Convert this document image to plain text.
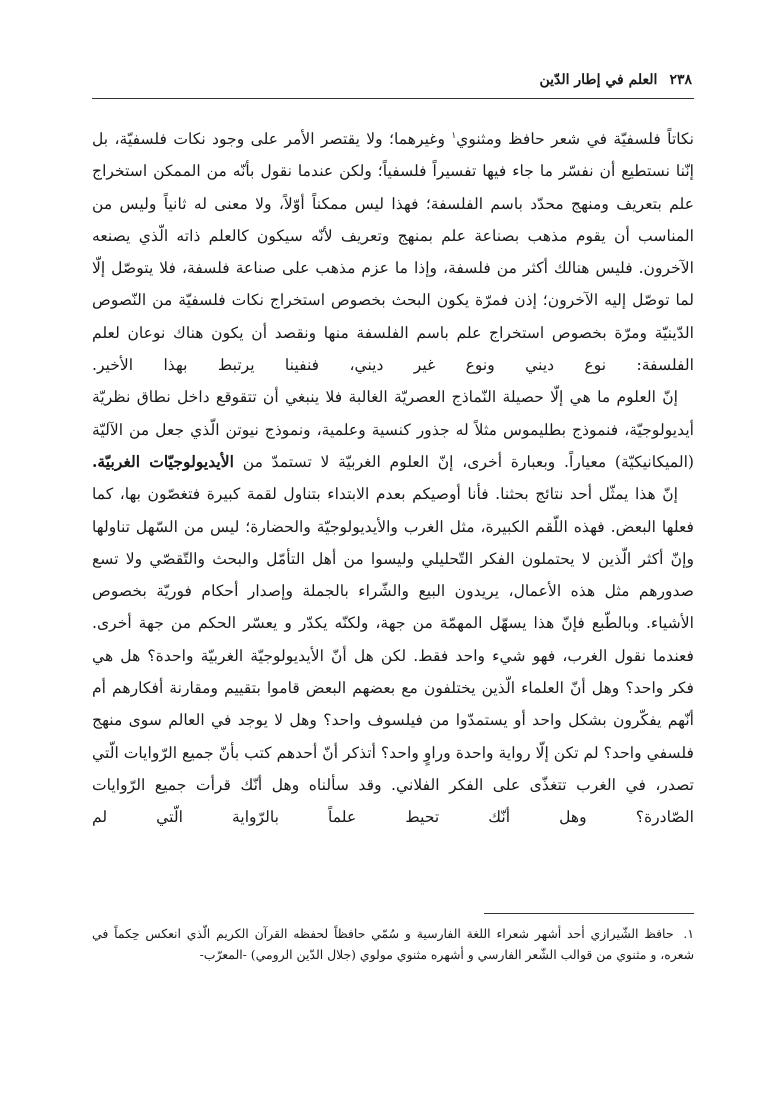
٢٣٨
العلم في إطار الدّين

نكاتاً فلسفيّة في شعر حافظ ومثنوي$^١$ وغيرهما؛ ولا يقتصر الأمر على وجود نكات فلسفيّة، بل إنّنا نستطيع أن نفسّر ما جاء فيها تفسيراً فلسفياً؛ ولكن عندما نقول بأنّه من الممكن استخراج علم بتعريف ومنهج محدّد باسم الفلسفة؛ فهذا ليس ممكناً أوّلاً، ولا معنى له ثانياً وليس من المناسب أن يقوم مذهب بصناعة علم بمنهج وتعريف لأنّه سيكون كالعلم ذاته الّذي يصنعه الآخرون. فليس هنالك أكثر من فلسفة، وإذا ما عزم مذهب على صناعة فلسفة، فلا يتوصّل إلّا لما توصّل إليه الآخرون؛ إذن فمرّة يكون البحث بخصوص استخراج نكات فلسفيّة من النّصوص الدّينيّة ومرّة بخصوص استخراج علم باسم الفلسفة منها ونقصد أن يكون هناك نوعان لعلم الفلسفة: نوع ديني ونوع غير ديني، فنفينا يرتبط بهذا الأخير.

إنّ العلوم ما هي إلّا حصيلة النّماذج العصريّة الغالبة فلا ينبغي أن تتقوقع داخل نطاق نظريّة أيديولوجيّة، فنموذج بطليموس مثلاً له جذور كنسية وعلمية، ونموذج نيوتن الّذي جعل من الآليّة (الميكانيكيّة) معياراً. وبعبارة أخرى، إنّ العلوم الغربيّة لا تستمدّ من الأيديولوجيّات الغربيّة.

إنّ هذا يمثّل أحد نتائج بحثنا. فأنا أوصيكم بعدم الابتداء بتناول لقمة كبيرة فتغصّون بها، كما فعلها البعض. فهذه اللّقم الكبيرة، مثل الغرب والأيديولوجيّة والحضارة؛ ليس من السّهل تناولها وإنّ أكثر الّذين لا يحتملون الفكر التّحليلي وليسوا من أهل التأمّل والبحث والتّقصّي ولا تسع صدورهم مثل هذه الأعمال، يريدون البيع والشّراء بالجملة وإصدار أحكام فوريّة بخصوص الأشياء. وبالطّبع فإنّ هذا يسهّل المهمّة من جهة، ولكنّه يكدّر و يعسّر الحكم من جهة أخرى. فعندما نقول الغرب، فهو شيء واحد فقط. لكن هل أنّ الأيديولوجيّة الغربيّة واحدة؟ هل هي فكر واحد؟ وهل أنّ العلماء الّذين يختلفون مع بعضهم البعض قاموا بتقييم ومقارنة أفكارهم أم أنّهم يفكّرون بشكل واحد أو يستمدّوا من فيلسوف واحد؟ وهل لا يوجد في العالم سوى منهج فلسفي واحد؟ لم تكن إلّا رواية واحدة وراوٍ واحد؟ أتذكر أنّ أحدهم كتب بأنّ جميع الرّوايات الّتي تصدر، في الغرب تتغذّى على الفكر الفلاني. وقد سألناه وهل أنّك قرأت جميع الرّوايات الصّادرة؟ وهل أنّك تحيط علماً بالرّواية الّتي لم

١. حافظ الشّيرازي أحد أشهر شعراء اللغة الفارسية و سُمّي حافظاً لحفظه القرآن الكريم الّذي انعكس حِكماً في شعره، و مثنوي من قوالب الشّعر الفارسي و أشهره مثنوي مولوي (جلال الدّين الرومي) -المعرّب-
